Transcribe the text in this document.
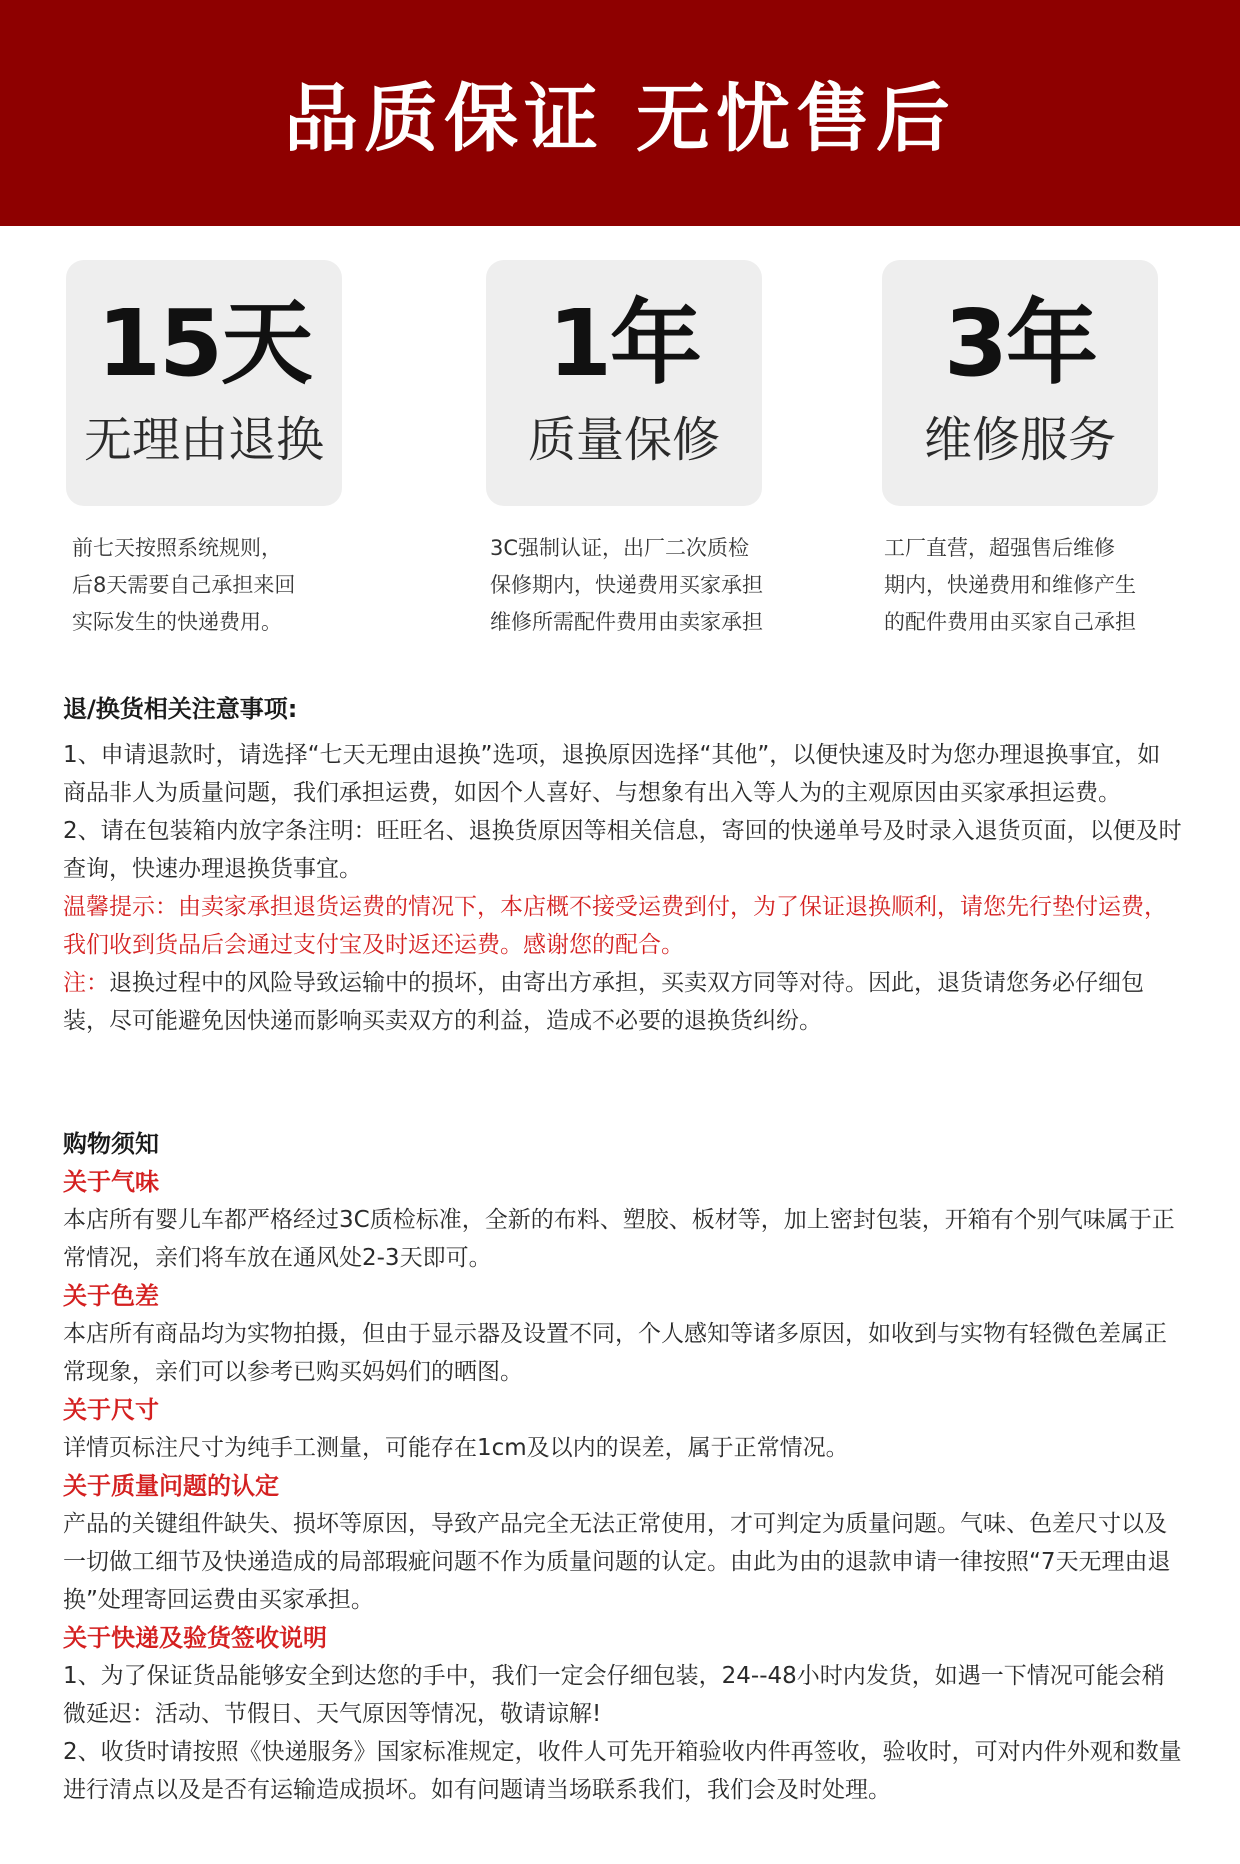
品质保证 无忧售后
15天
无理由退换
前七天按照系统规则，
后8天需要自己承担来回
实际发生的快递费用。
1年
质量保修
3C强制认证，出厂二次质检
保修期内，快递费用买家承担
维修所需配件费用由卖家承担
3年
维修服务
工厂直营，超强售后维修
期内，快递费用和维修产生
的配件费用由买家自己承担

退/换货相关注意事项:

1、申请退款时，请选择“七天无理由退换”选项，退换原因选择“其他”，以便快速及时为您办理退换事宜，如商品非人为质量问题，我们承担运费，如因个人喜好、与想象有出入等人为的主观原因由买家承担运费。

2、请在包装箱内放字条注明：旺旺名、退换货原因等相关信息，寄回的快递单号及时录入退货页面，以便及时查询，快速办理退换货事宜。

温馨提示：由卖家承担退货运费的情况下，本店概不接受运费到付，为了保证退换顺利，请您先行垫付运费，我们收到货品后会通过支付宝及时返还运费。感谢您的配合。

注：退换过程中的风险导致运输中的损坏，由寄出方承担，买卖双方同等对待。因此，退货请您务必仔细包装，尽可能避免因快递而影响买卖双方的利益，造成不必要的退换货纠纷。

购物须知

关于气味

本店所有婴儿车都严格经过3C质检标准，全新的布料、塑胶、板材等，加上密封包装，开箱有个别气味属于正常情况，亲们将车放在通风处2-3天即可。

关于色差

本店所有商品均为实物拍摄，但由于显示器及设置不同，个人感知等诸多原因，如收到与实物有轻微色差属正常现象，亲们可以参考已购买妈妈们的晒图。

关于尺寸

详情页标注尺寸为纯手工测量，可能存在1cm及以内的误差，属于正常情况。

关于质量问题的认定

产品的关键组件缺失、损坏等原因，导致产品完全无法正常使用，才可判定为质量问题。气味、色差尺寸以及一切做工细节及快递造成的局部瑕疵问题不作为质量问题的认定。由此为由的退款申请一律按照“7天无理由退换”处理寄回运费由买家承担。

关于快递及验货签收说明

1、为了保证货品能够安全到达您的手中，我们一定会仔细包装，24--48小时内发货，如遇一下情况可能会稍微延迟：活动、节假日、天气原因等情况，敬请谅解!

2、收货时请按照《快递服务》国家标准规定，收件人可先开箱验收内件再签收，验收时，可对内件外观和数量进行清点以及是否有运输造成损坏。如有问题请当场联系我们，我们会及时处理。
